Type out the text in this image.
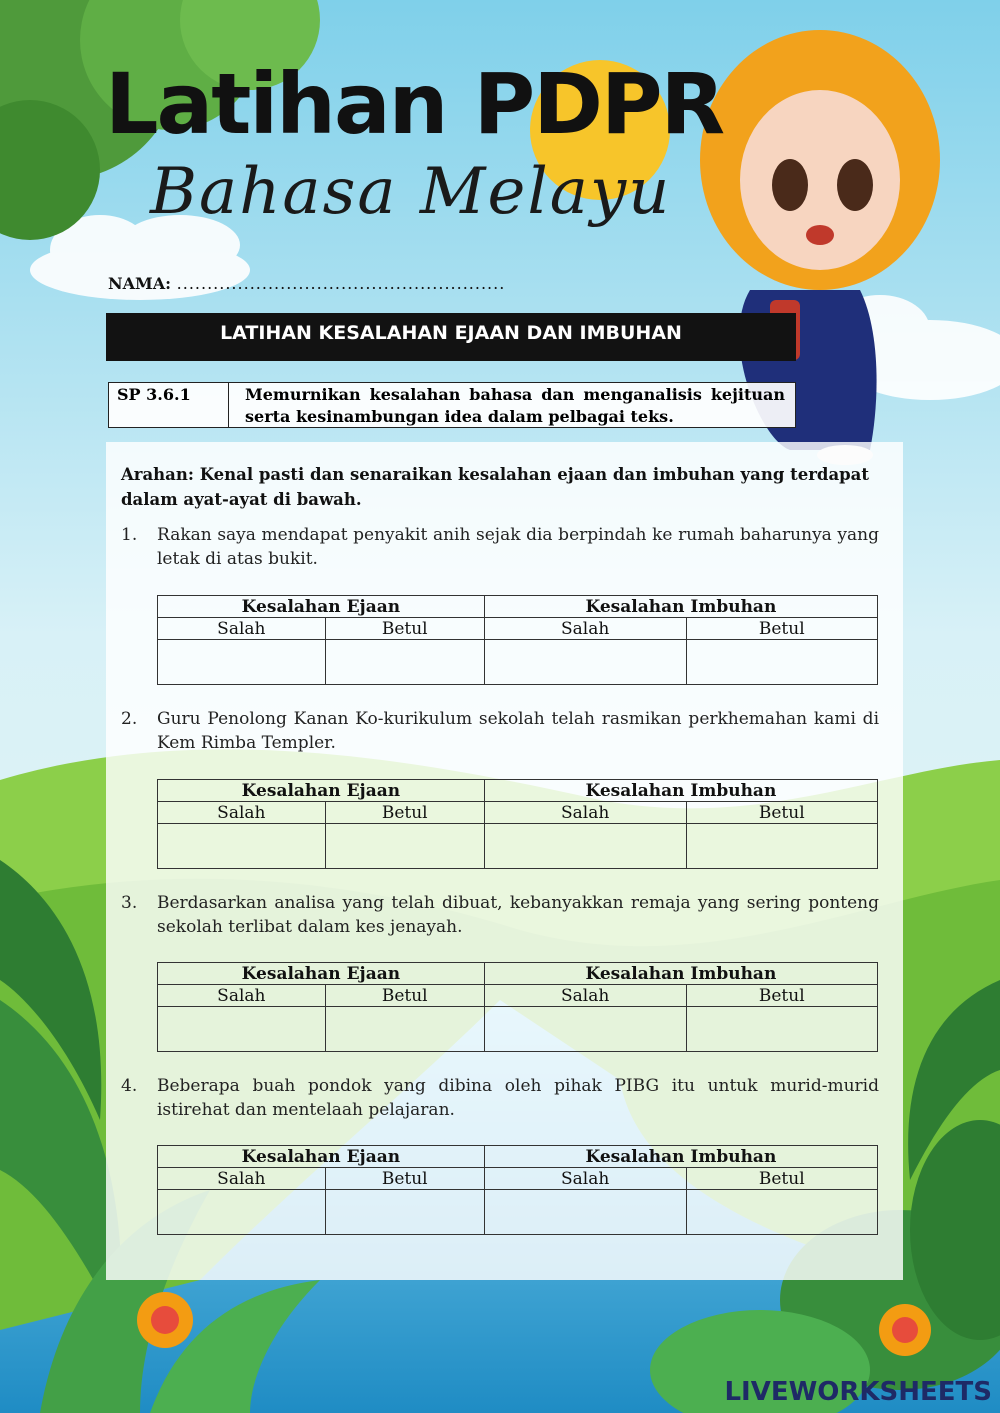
Latihan PDPR
Bahasa Melayu
NAMA: ......................................................
LATIHAN KESALAHAN EJAAN DAN IMBUHAN
SP 3.6.1	Memurnikan kesalahan bahasa dan menganalisis kejituan serta kesinambungan idea dalam pelbagai teks.
Arahan: Kenal pasti dan senaraikan kesalahan ejaan dan imbuhan yang terdapat dalam ayat-ayat di bawah.
1.	Rakan saya mendapat penyakit anih sejak dia berpindah ke rumah baharunya yang letak di atas bukit.
Kesalahan Ejaan		Kesalahan Imbuhan	
Salah	Betul	Salah	Betul

2.	Guru Penolong Kanan Ko-kurikulum sekolah telah rasmikan perkhemahan kami di Kem Rimba Templer.
Kesalahan Ejaan		Kesalahan Imbuhan	
Salah	Betul	Salah	Betul

3.	Berdasarkan analisa yang telah dibuat, kebanyakkan remaja yang sering ponteng sekolah terlibat dalam kes jenayah.
Kesalahan Ejaan		Kesalahan Imbuhan	
Salah	Betul	Salah	Betul

4.	Beberapa buah pondok yang dibina oleh pihak PIBG itu untuk murid-murid istirehat dan mentelaah pelajaran.
Kesalahan Ejaan		Kesalahan Imbuhan	
Salah	Betul	Salah	Betul

LIVEWORKSHEETS
